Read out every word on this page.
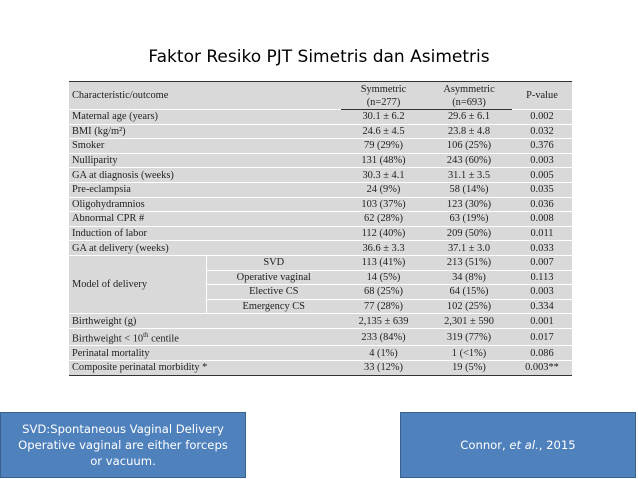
Faktor Resiko PJT Simetris dan Asimetris
Characteristic/outcome		Symmetric	Asymmetric	P-value
		(n=277)	(n=693)	
Maternal age (years)		30.1 ± 6.2	29.6 ± 6.1	0.002
BMI (kg/m²)		24.6 ± 4.5	23.8 ± 4.8	0.032
Smoker		79 (29%)	106 (25%)	0.376
Nulliparity		131 (48%)	243 (60%)	0.003
GA at diagnosis (weeks)		30.3 ± 4.1	31.1 ± 3.5	0.005
Pre-eclampsia		24 (9%)	58 (14%)	0.035
Oligohydramnios		103 (37%)	123 (30%)	0.036
Abnormal CPR #		62 (28%)	63 (19%)	0.008
Induction of labor		112 (40%)	209 (50%)	0.011
GA at delivery (weeks)		36.6 ± 3.3	37.1 ± 3.0	0.033
Model of delivery	SVD	113 (41%)	213 (51%)	0.007
	Operative vaginal	14 (5%)	34 (8%)	0.113
	Elective CS	68 (25%)	64 (15%)	0.003
	Emergency CS	77 (28%)	102 (25%)	0.334
Birthweight (g)		2,135 ± 639	2,301 ± 590	0.001
Birthweight < 10th centile		233 (84%)	319 (77%)	0.017
Perinatal mortality		4 (1%)	1 (<1%)	0.086
Composite perinatal morbidity *		33 (12%)	19 (5%)	0.003**
SVD:Spontaneous Vaginal Delivery
Operative vaginal are either forceps
or vacuum.
Connor, et al., 2015
